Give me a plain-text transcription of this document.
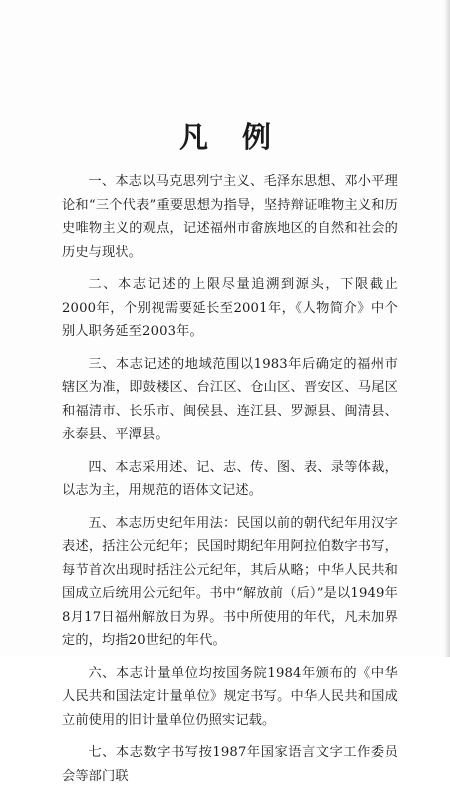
凡例

一、本志以马克思列宁主义、毛泽东思想、邓小平理论和“三个代表”重要思想为指导，坚持辩证唯物主义和历史唯物主义的观点，记述福州市畲族地区的自然和社会的历史与现状。

二、本志记述的上限尽量追溯到源头，下限截止2000年，个别视需要延长至2001年，《人物简介》中个别人职务延至2003年。

三、本志记述的地域范围以1983年后确定的福州市辖区为准，即鼓楼区、台江区、仓山区、晋安区、马尾区和福清市、长乐市、闽侯县、连江县、罗源县、闽清县、永泰县、平潭县。

四、本志采用述、记、志、传、图、表、录等体裁，以志为主，用规范的语体文记述。

五、本志历史纪年用法：民国以前的朝代纪年用汉字表述，括注公元纪年；民国时期纪年用阿拉伯数字书写，每节首次出现时括注公元纪年，其后从略；中华人民共和国成立后统用公元纪年。书中“解放前（后）”是以1949年8月17日福州解放日为界。书中所使用的年代，凡未加界定的，均指20世纪的年代。

六、本志计量单位均按国务院1984年颁布的《中华人民共和国法定计量单位》规定书写。中华人民共和国成立前使用的旧计量单位仍照实记载。

七、本志数字书写按1987年国家语言文字工作委员会等部门联
